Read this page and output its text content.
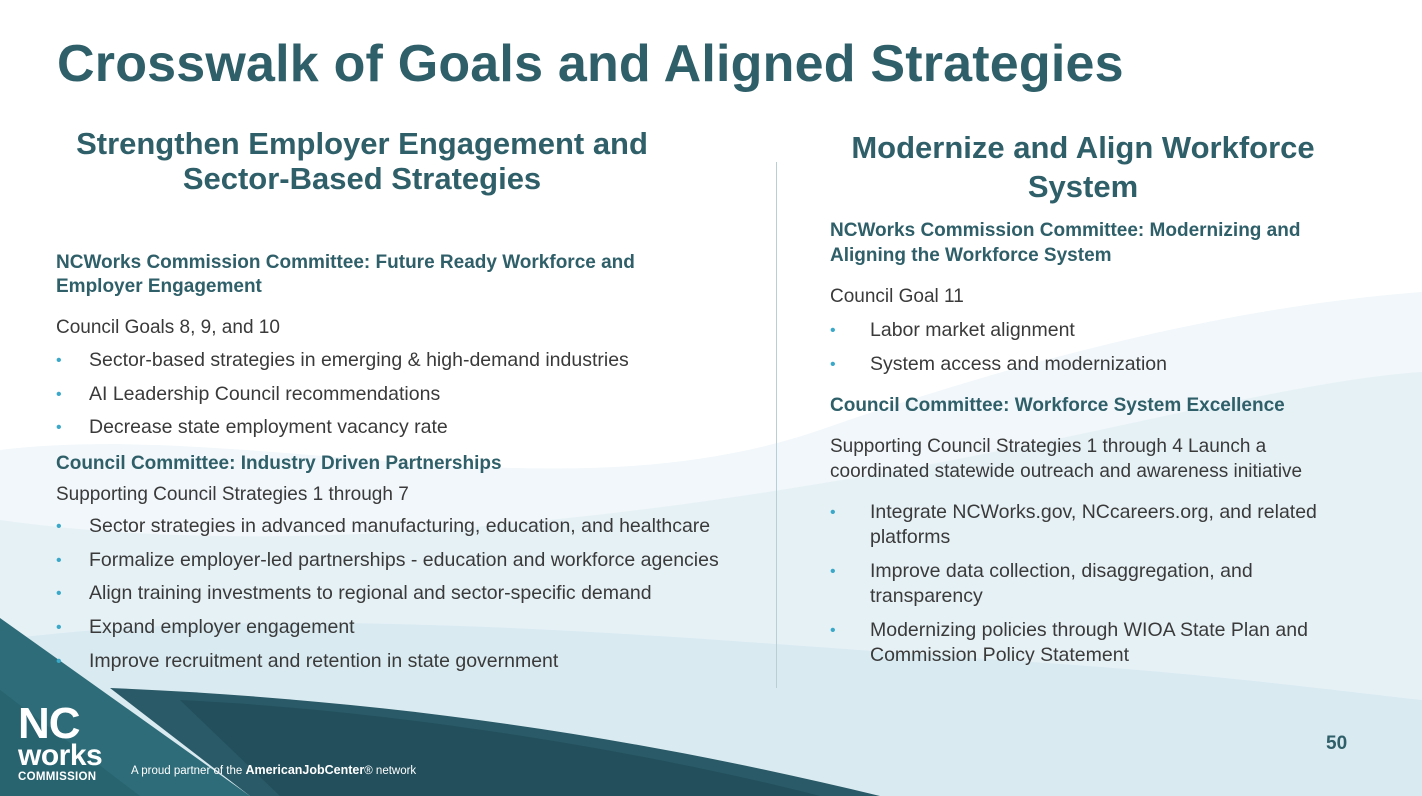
Crosswalk of Goals and Aligned Strategies
Strengthen Employer Engagement and Sector-Based Strategies

NCWorks Commission Committee: Future Ready Workforce and Employer Engagement

Council Goals 8, 9, and 10

• Sector-based strategies in emerging & high-demand industries
• AI Leadership Council recommendations
• Decrease state employment vacancy rate

Council Committee: Industry Driven Partnerships

Supporting Council Strategies 1 through 7

• Sector strategies in advanced manufacturing, education, and healthcare
• Formalize employer-led partnerships - education and workforce agencies
• Align training investments to regional and sector-specific demand
• Expand employer engagement
• Improve recruitment and retention in state government
Modernize and Align Workforce System

NCWorks Commission Committee: Modernizing and Aligning the Workforce System

Council Goal 11

• Labor market alignment
• System access and modernization

Council Committee: Workforce System Excellence

Supporting Council Strategies 1 through 4 Launch a coordinated statewide outreach and awareness initiative

• Integrate NCWorks.gov, NCcareers.org, and related platforms
• Improve data collection, disaggregation, and transparency
• Modernizing policies through WIOA State Plan and Commission Policy Statement
NC
works
COMMISSION	A proud partner of the AmericanJobCenter® network
50
